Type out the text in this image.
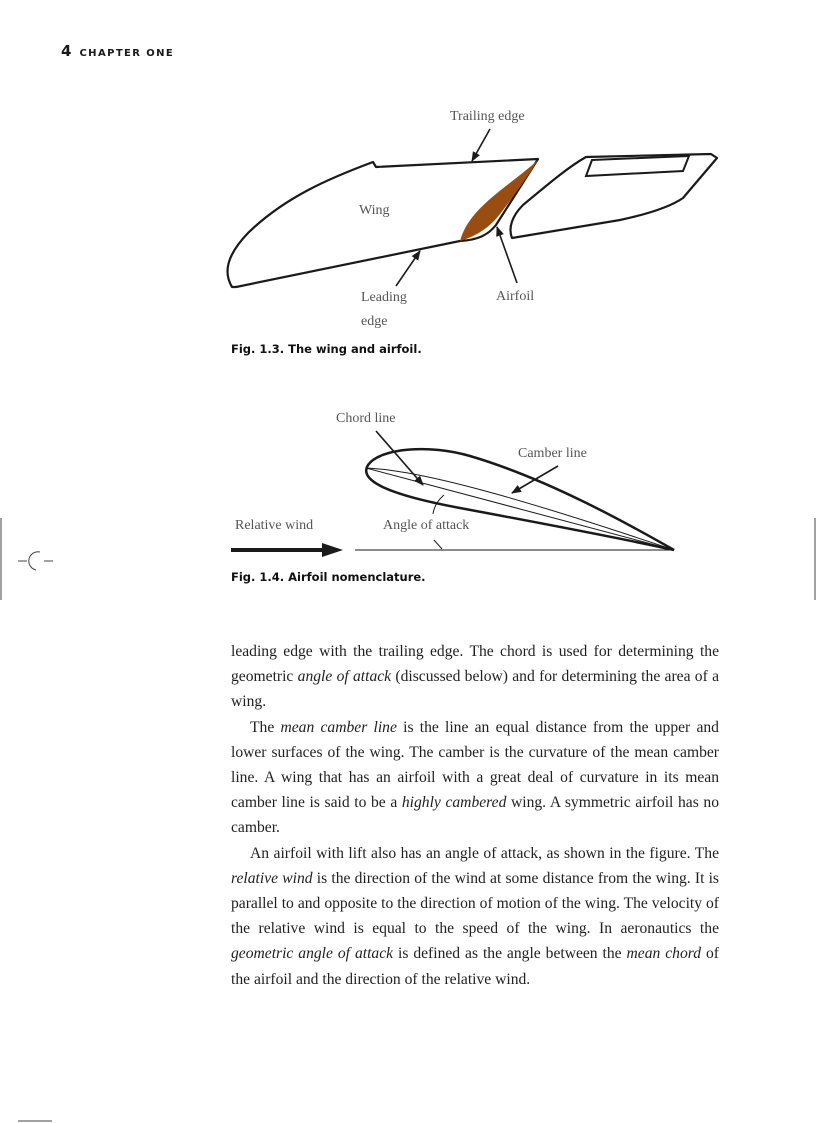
4 CHAPTER ONE
Trailing edge
Wing
Leading
edge
Airfoil
Fig. 1.3. The wing and airfoil.
Chord line
Camber line
Relative wind	Angle of attack
Fig. 1.4. Airfoil nomenclature.

leading edge with the trailing edge. The chord is used for determining the geometric angle of attack (discussed below) and for determining the area of a wing.

The mean camber line is the line an equal distance from the upper and lower surfaces of the wing. The camber is the curvature of the mean camber line. A wing that has an airfoil with a great deal of curvature in its mean camber line is said to be a highly cambered wing. A symmetric airfoil has no camber.

An airfoil with lift also has an angle of attack, as shown in the figure. The relative wind is the direction of the wind at some distance from the wing. It is parallel to and opposite to the direction of motion of the wing. The velocity of the relative wind is equal to the speed of the wing. In aeronautics the geometric angle of attack is defined as the angle between the mean chord of the airfoil and the direction of the relative wind.
